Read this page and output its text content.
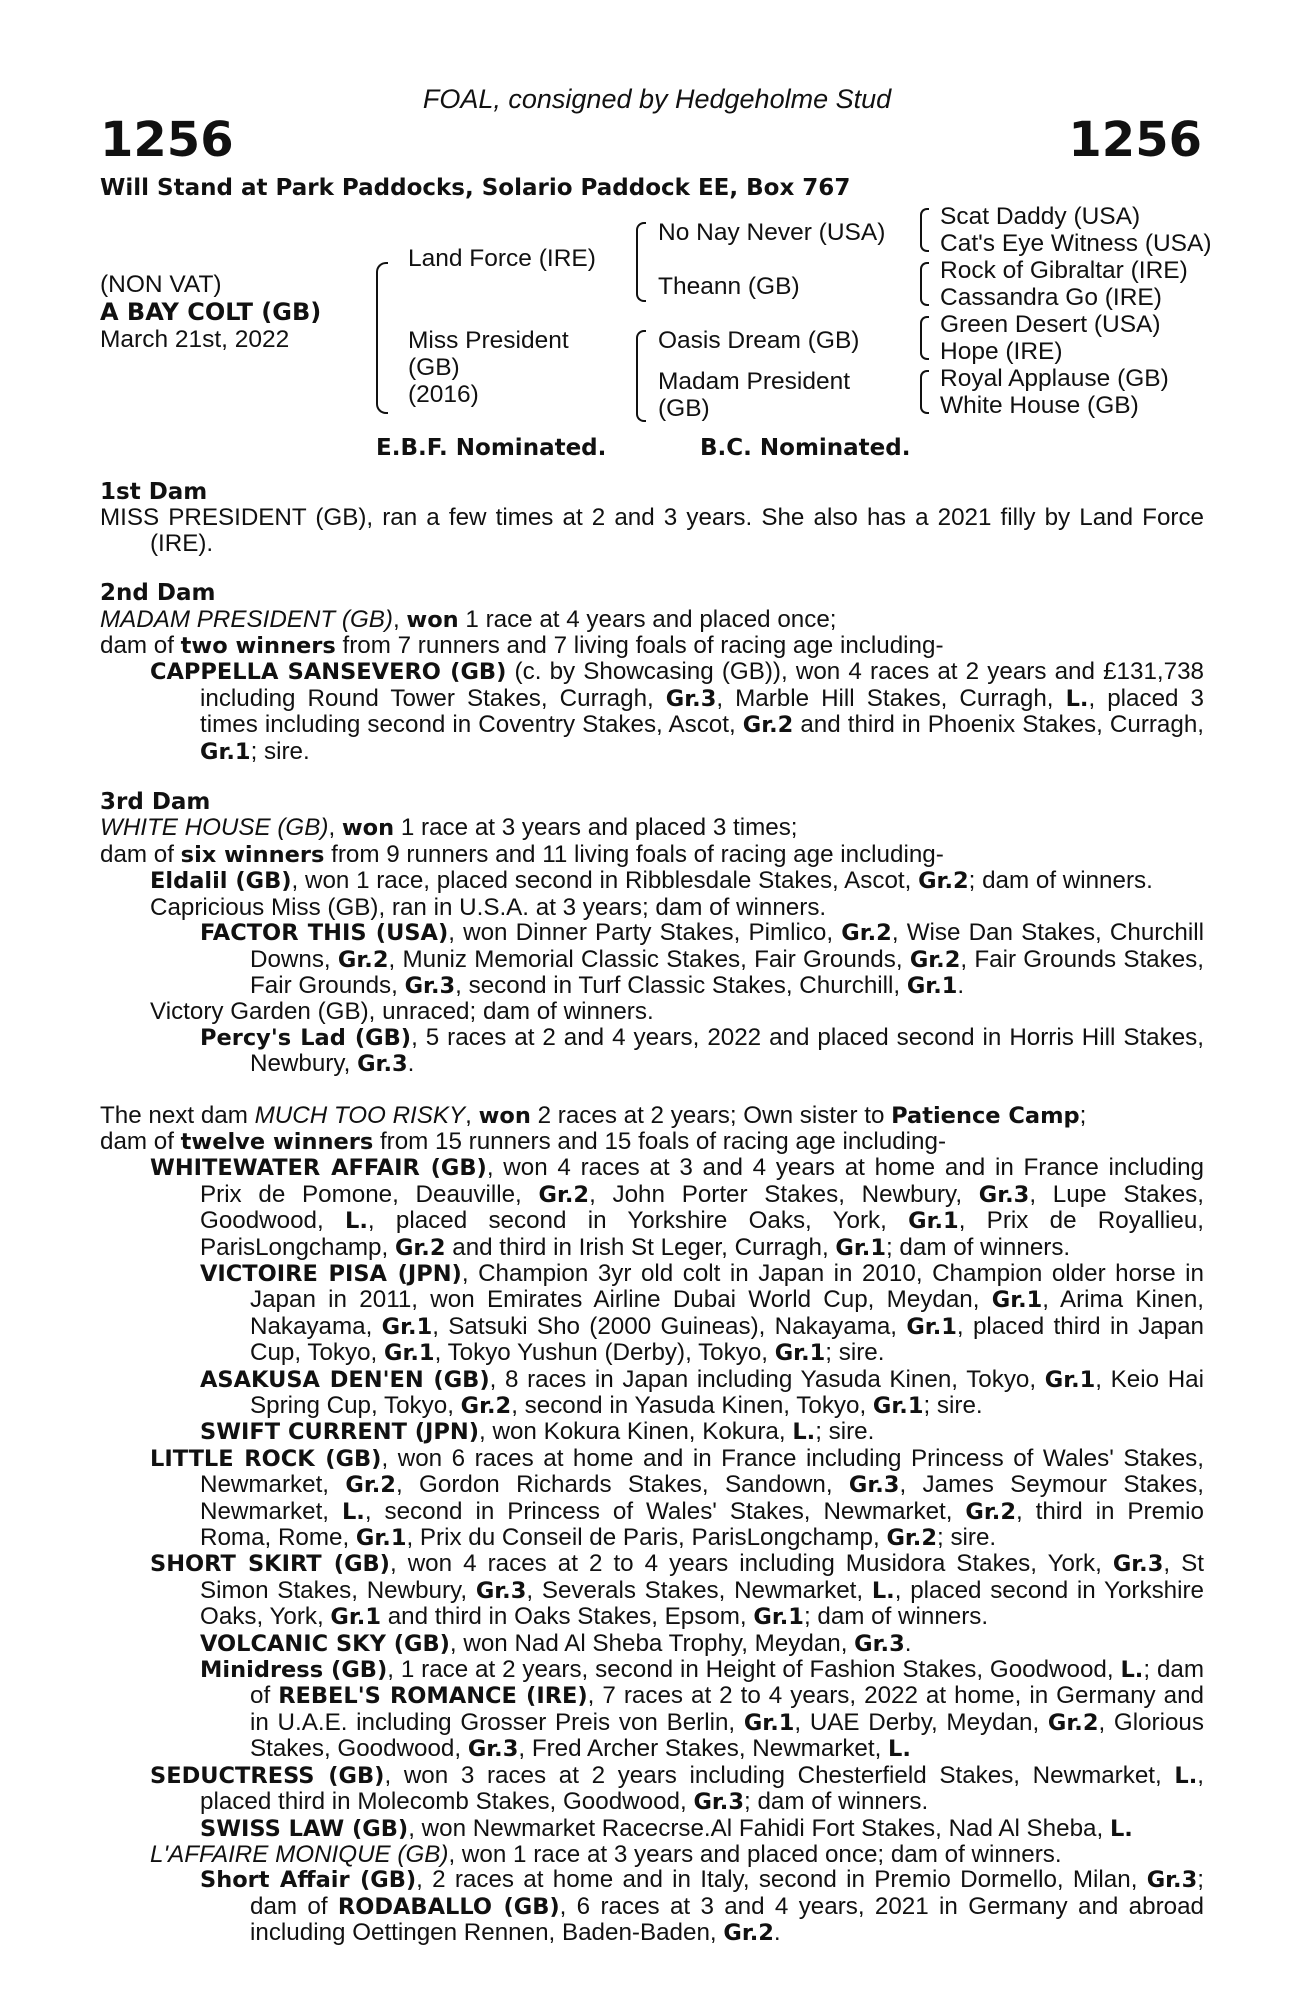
FOAL, consigned by Hedgeholme Stud
1256	1256
Will Stand at Park Paddocks, Solario Paddock EE, Box 767
(NON VAT)
A BAY COLT (GB)
March 21st, 2022
Land Force (IRE)
Miss President
(GB)
(2016)
No Nay Never (USA)
Theann (GB)
Oasis Dream (GB)
Madam President
(GB)
Scat Daddy (USA)
Cat's Eye Witness (USA)
Rock of Gibraltar (IRE)
Cassandra Go (IRE)
Green Desert (USA)
Hope (IRE)
Royal Applause (GB)
White House (GB)
E.B.F. Nominated.	B.C. Nominated.

1st Dam

MISS PRESIDENT (GB), ran a few times at 2 and 3 years. She also has a 2021 filly by Land Force (IRE).

2nd Dam

MADAM PRESIDENT (GB), won 1 race at 4 years and placed once;

dam of two winners from 7 runners and 7 living foals of racing age including-

CAPPELLA SANSEVERO (GB) (c. by Showcasing (GB)), won 4 races at 2 years and £131,738 including Round Tower Stakes, Curragh, Gr.3, Marble Hill Stakes, Curragh, L., placed 3 times including second in Coventry Stakes, Ascot, Gr.2 and third in Phoenix Stakes, Curragh, Gr.1; sire.

3rd Dam

WHITE HOUSE (GB), won 1 race at 3 years and placed 3 times;

dam of six winners from 9 runners and 11 living foals of racing age including-

Eldalil (GB), won 1 race, placed second in Ribblesdale Stakes, Ascot, Gr.2; dam of winners.

Capricious Miss (GB), ran in U.S.A. at 3 years; dam of winners.

FACTOR THIS (USA), won Dinner Party Stakes, Pimlico, Gr.2, Wise Dan Stakes, Churchill Downs, Gr.2, Muniz Memorial Classic Stakes, Fair Grounds, Gr.2, Fair Grounds Stakes, Fair Grounds, Gr.3, second in Turf Classic Stakes, Churchill, Gr.1.

Victory Garden (GB), unraced; dam of winners.

Percy's Lad (GB), 5 races at 2 and 4 years, 2022 and placed second in Horris Hill Stakes, Newbury, Gr.3.

The next dam MUCH TOO RISKY, won 2 races at 2 years; Own sister to Patience Camp;

dam of twelve winners from 15 runners and 15 foals of racing age including-

WHITEWATER AFFAIR (GB), won 4 races at 3 and 4 years at home and in France including Prix de Pomone, Deauville, Gr.2, John Porter Stakes, Newbury, Gr.3, Lupe Stakes, Goodwood, L., placed second in Yorkshire Oaks, York, Gr.1, Prix de Royallieu, ParisLongchamp, Gr.2 and third in Irish St Leger, Curragh, Gr.1; dam of winners.

VICTOIRE PISA (JPN), Champion 3yr old colt in Japan in 2010, Champion older horse in Japan in 2011, won Emirates Airline Dubai World Cup, Meydan, Gr.1, Arima Kinen, Nakayama, Gr.1, Satsuki Sho (2000 Guineas), Nakayama, Gr.1, placed third in Japan Cup, Tokyo, Gr.1, Tokyo Yushun (Derby), Tokyo, Gr.1; sire.

ASAKUSA DEN'EN (GB), 8 races in Japan including Yasuda Kinen, Tokyo, Gr.1, Keio Hai Spring Cup, Tokyo, Gr.2, second in Yasuda Kinen, Tokyo, Gr.1; sire.

SWIFT CURRENT (JPN), won Kokura Kinen, Kokura, L.; sire.

LITTLE ROCK (GB), won 6 races at home and in France including Princess of Wales' Stakes, Newmarket, Gr.2, Gordon Richards Stakes, Sandown, Gr.3, James Seymour Stakes, Newmarket, L., second in Princess of Wales' Stakes, Newmarket, Gr.2, third in Premio Roma, Rome, Gr.1, Prix du Conseil de Paris, ParisLongchamp, Gr.2; sire.

SHORT SKIRT (GB), won 4 races at 2 to 4 years including Musidora Stakes, York, Gr.3, St Simon Stakes, Newbury, Gr.3, Severals Stakes, Newmarket, L., placed second in Yorkshire Oaks, York, Gr.1 and third in Oaks Stakes, Epsom, Gr.1; dam of winners.

VOLCANIC SKY (GB), won Nad Al Sheba Trophy, Meydan, Gr.3.

Minidress (GB), 1 race at 2 years, second in Height of Fashion Stakes, Goodwood, L.; dam of REBEL'S ROMANCE (IRE), 7 races at 2 to 4 years, 2022 at home, in Germany and in U.A.E. including Grosser Preis von Berlin, Gr.1, UAE Derby, Meydan, Gr.2, Glorious Stakes, Goodwood, Gr.3, Fred Archer Stakes, Newmarket, L.

SEDUCTRESS (GB), won 3 races at 2 years including Chesterfield Stakes, Newmarket, L., placed third in Molecomb Stakes, Goodwood, Gr.3; dam of winners.

SWISS LAW (GB), won Newmarket Racecrse.Al Fahidi Fort Stakes, Nad Al Sheba, L.

L'AFFAIRE MONIQUE (GB), won 1 race at 3 years and placed once; dam of winners.

Short Affair (GB), 2 races at home and in Italy, second in Premio Dormello, Milan, Gr.3; dam of RODABALLO (GB), 6 races at 3 and 4 years, 2021 in Germany and abroad including Oettingen Rennen, Baden-Baden, Gr.2.
